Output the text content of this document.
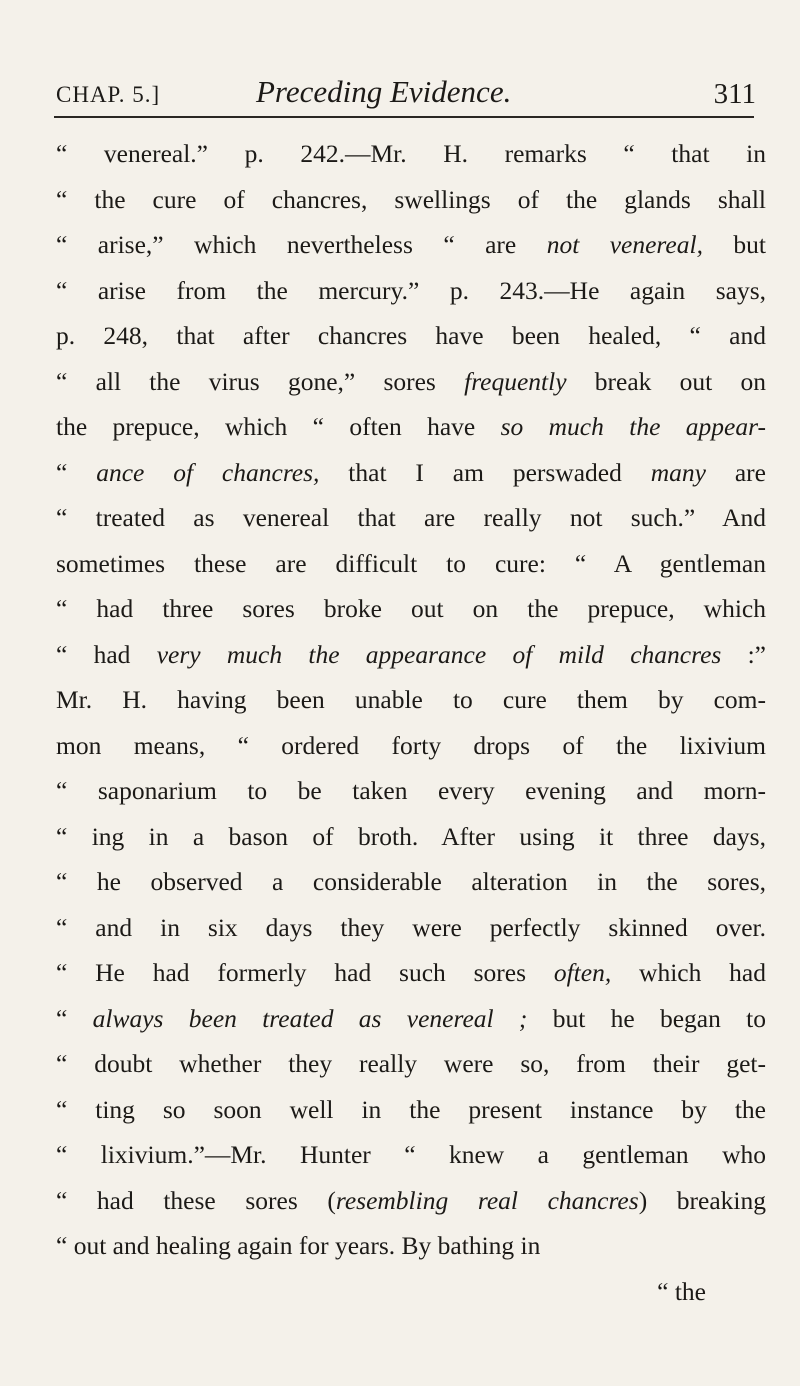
CHAP. 5.]	Preceding Evidence.	311
“ venereal.” p. 242.—Mr. H. remarks “ that in
“ the cure of chancres, swellings of the glands shall
“ arise,” which nevertheless “ are not venereal, but
“ arise from the mercury.” p. 243.—He again says,
p. 248, that after chancres have been healed, “ and
“ all the virus gone,” sores frequently break out on
the prepuce, which “ often have so much the appear-
“ ance of chancres, that I am perswaded many are
“ treated as venereal that are really not such.” And
sometimes these are difficult to cure: “ A gentleman
“ had three sores broke out on the prepuce, which
“ had very much the appearance of mild chancres :”
Mr. H. having been unable to cure them by com-
mon means, “ ordered forty drops of the lixivium
“ saponarium to be taken every evening and morn-
“ ing in a bason of broth. After using it three days,
“ he observed a considerable alteration in the sores,
“ and in six days they were perfectly skinned over.
“ He had formerly had such sores often, which had
“ always been treated as venereal ; but he began to
“ doubt whether they really were so, from their get-
“ ting so soon well in the present instance by the
“ lixivium.”—Mr. Hunter “ knew a gentleman who
“ had these sores (resembling real chancres) breaking
“ out and healing again for years. By bathing in
“ the
